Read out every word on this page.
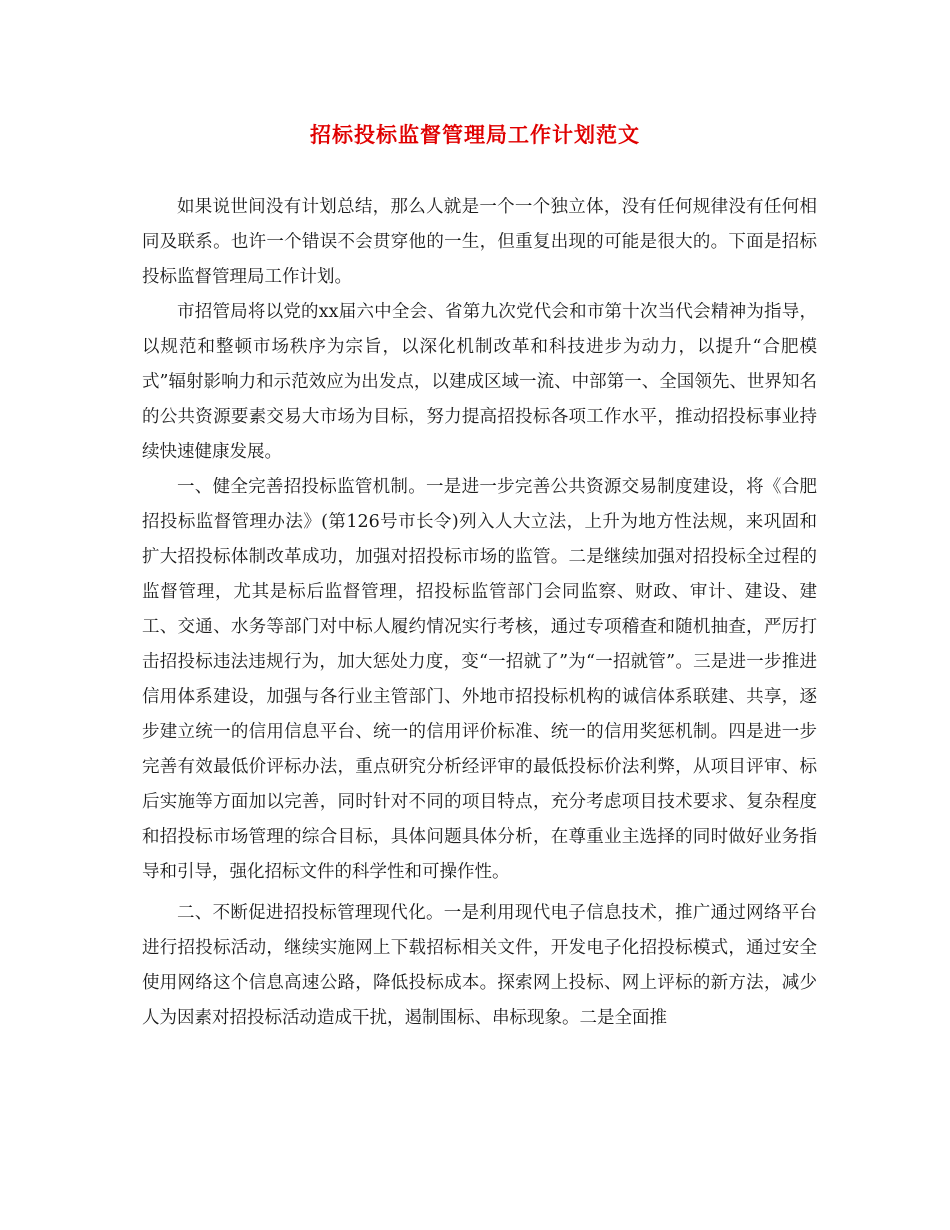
招标投标监督管理局工作计划范文

如果说世间没有计划总结，那么人就是一个一个独立体，没有任何规律没有任何相同及联系。也许一个错误不会贯穿他的一生，但重复出现的可能是很大的。下面是招标投标监督管理局工作计划。

市招管局将以党的xx届六中全会、省第九次党代会和市第十次当代会精神为指导，以规范和整顿市场秩序为宗旨，以深化机制改革和科技进步为动力，以提升“合肥模式”辐射影响力和示范效应为出发点，以建成区域一流、中部第一、全国领先、世界知名的公共资源要素交易大市场为目标，努力提高招投标各项工作水平，推动招投标事业持续快速健康发展。

一、健全完善招投标监管机制。一是进一步完善公共资源交易制度建设，将《合肥招投标监督管理办法》(第126号市长令)列入人大立法，上升为地方性法规，来巩固和扩大招投标体制改革成功，加强对招投标市场的监管。二是继续加强对招投标全过程的监督管理，尤其是标后监督管理，招投标监管部门会同监察、财政、审计、建设、建工、交通、水务等部门对中标人履约情况实行考核，通过专项稽查和随机抽查，严厉打击招投标违法违规行为，加大惩处力度，变“一招就了”为“一招就管”。三是进一步推进信用体系建设，加强与各行业主管部门、外地市招投标机构的诚信体系联建、共享，逐步建立统一的信用信息平台、统一的信用评价标准、统一的信用奖惩机制。四是进一步完善有效最低价评标办法，重点研究分析经评审的最低投标价法利弊，从项目评审、标后实施等方面加以完善，同时针对不同的项目特点，充分考虑项目技术要求、复杂程度和招投标市场管理的综合目标，具体问题具体分析，在尊重业主选择的同时做好业务指导和引导，强化招标文件的科学性和可操作性。

二、不断促进招投标管理现代化。一是利用现代电子信息技术，推广通过网络平台进行招投标活动，继续实施网上下载招标相关文件，开发电子化招投标模式，通过安全使用网络这个信息高速公路，降低投标成本。探索网上投标、网上评标的新方法，减少人为因素对招投标活动造成干扰，遏制围标、串标现象。二是全面推
